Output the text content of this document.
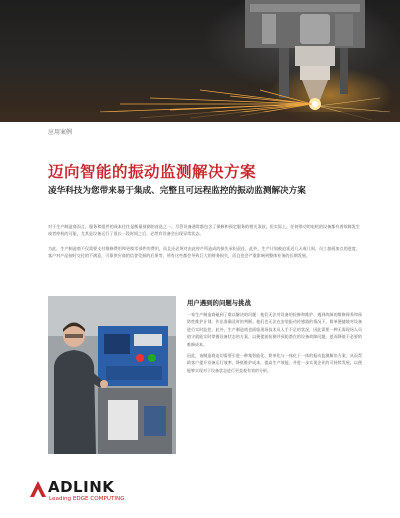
应用案例
迈向智能的振动监测解决方案
凌华科技为您带来易于集成、完整且可远程监控的振动监测解决方案
对于生产制造商而言，服务和组件的成本往往是衡量预测的首选之一。尽管设备通常都包含了保修和预定服务的相关条款，但实际上，任何带动的电机的设备都有着故障发生或者停机的可能，尤其是设备运行了很长一段时间之后，必然有设备会出现异常状态。
为此，生产制造商不仅需要支付维修费用和更换零部件的费用，而且还必须对由此停产所造成的损失承担责任。此外，生产计划被迫延迟几天或几周，员工加班加点的进度，客户对产品按时交付的不满意，可靠供应商的信誉受损的后果等，所有这些都会导致巨大的财务损失，而且也会严重影响到整体业务的长期发展。
用户遇到的问题与挑战
一家生产制造商碰到了难以解决的问题：他们无法对设备的检修和维护、遇到故障的维修保养和预防性维护计划，作出准确及时的判断。他们也无法在安装振动传感器的情况下，简单便捷地对设备进行实时监控。此外，生产制造商也面临现场技术员人手不足的状况，因此需要一种无需现场人员值守就能实时掌握设备状态的方案，以便提前检测并预防潜在的设备故障问题，进而降低不必要的维修成本。
因此，该制造商迫切需要引进一种集智能化、简单化与一体化于一体的振动监测解决方案，从而帮助客户提升设备运行效率，降低维护成本，提高生产效能，并进一步实现企业的可持续发展。以便能够实现对于设备状态进行更直观有效的分析。
ADLINK
Leading EDGE COMPUTING
